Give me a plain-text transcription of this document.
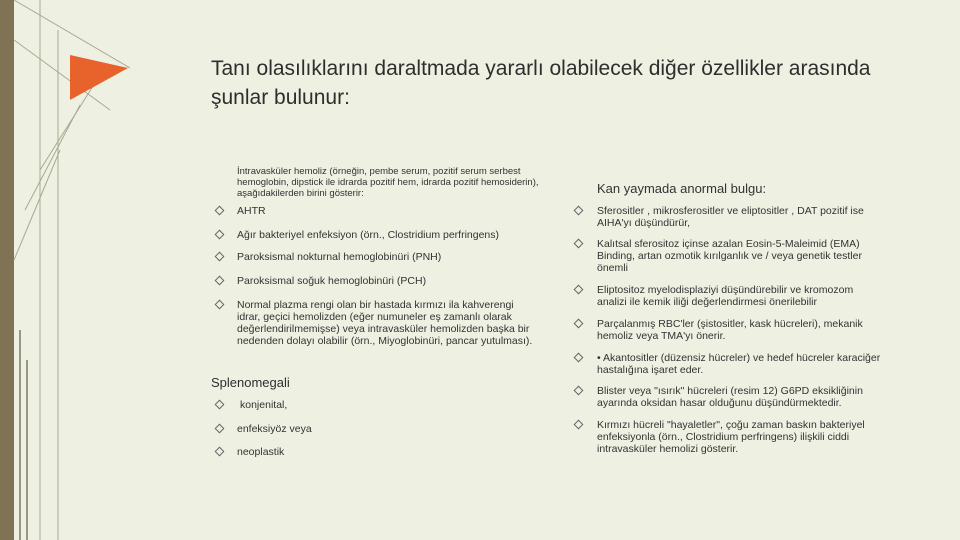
Tanı olasılıklarını daraltmada yararlı olabilecek diğer özellikler arasında şunlar bulunur:
İntravasküler hemoliz (örneğin, pembe serum, pozitif serum serbest hemoglobin, dipstick ile idrarda pozitif hem, idrarda pozitif hemosiderin), aşağıdakilerden birini gösterir:
AHTR
Ağır bakteriyel enfeksiyon (örn., Clostridium perfringens)
Paroksismal nokturnal hemoglobinüri (PNH)
Paroksismal soğuk hemoglobinüri (PCH)
Normal plazma rengi olan bir hastada kırmızı ila kahverengi idrar, geçici hemolizden (eğer numuneler eş zamanlı olarak değerlendirilmemişse) veya intravasküler hemolizden başka bir nedenden dolayı olabilir (örn., Miyoglobinüri, pancar yutulması).
Splenomegali
konjenital,
enfeksiyöz veya
neoplastik
Kan yaymada anormal bulgu:
Sferositler , mikrosferositler ve eliptositler , DAT pozitif ise AIHA'yı düşündürür,
Kalıtsal sferositoz içinse azalan Eosin-5-Maleimid (EMA) Binding, artan ozmotik kırılganlık ve / veya genetik testler önemli
Eliptositoz myelodisplaziyi düşündürebilir ve kromozom analizi ile kemik iliği değerlendirmesi önerilebilir
Parçalanmış RBC'ler (şistositler, kask hücreleri), mekanik hemoliz veya TMA'yı önerir.
• Akantositler (düzensiz hücreler) ve hedef hücreler karaciğer hastalığına işaret eder.
Blister veya "ısırık" hücreleri (resim 12) G6PD eksikliğinin ayarında oksidan hasar olduğunu düşündürmektedir.
Kırmızı hücreli "hayaletler", çoğu zaman baskın bakteriyel enfeksiyonla (örn., Clostridium perfringens) ilişkili ciddi intravasküler hemolizi gösterir.
